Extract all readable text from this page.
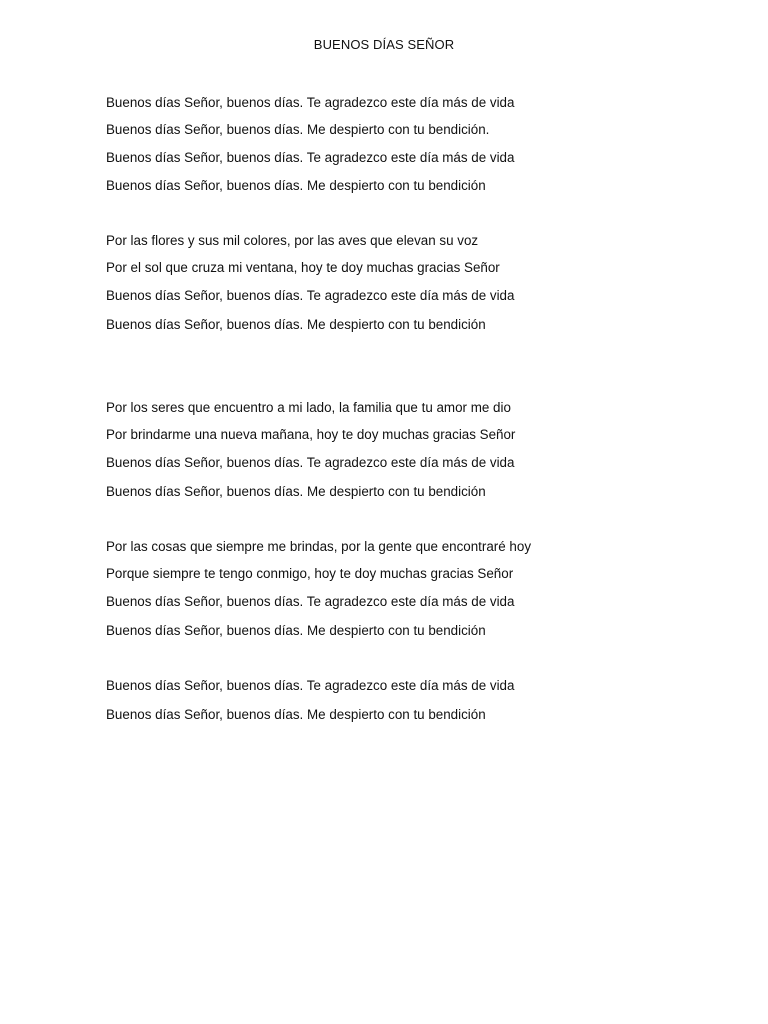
BUENOS DÍAS SEÑOR
Buenos días Señor, buenos días. Te agradezco este día más de vida
Buenos días Señor, buenos días. Me despierto con tu bendición.
Buenos días Señor, buenos días. Te agradezco este día más de vida
Buenos días Señor, buenos días. Me despierto con tu bendición
Por las flores y sus mil colores, por las aves que elevan su voz
Por el sol que cruza mi ventana, hoy te doy muchas gracias Señor
Buenos días Señor, buenos días. Te agradezco este día más de vida
Buenos días Señor, buenos días. Me despierto con tu bendición
Por los seres que encuentro a mi lado, la familia que tu amor me dio
Por brindarme una nueva mañana, hoy te doy muchas gracias Señor
Buenos días Señor, buenos días. Te agradezco este día más de vida
Buenos días Señor, buenos días. Me despierto con tu bendición
Por las cosas que siempre me brindas, por la gente que encontraré hoy
Porque siempre te tengo conmigo, hoy te doy muchas gracias Señor
Buenos días Señor, buenos días. Te agradezco este día más de vida
Buenos días Señor, buenos días. Me despierto con tu bendición
Buenos días Señor, buenos días. Te agradezco este día más de vida
Buenos días Señor, buenos días. Me despierto con tu bendición
